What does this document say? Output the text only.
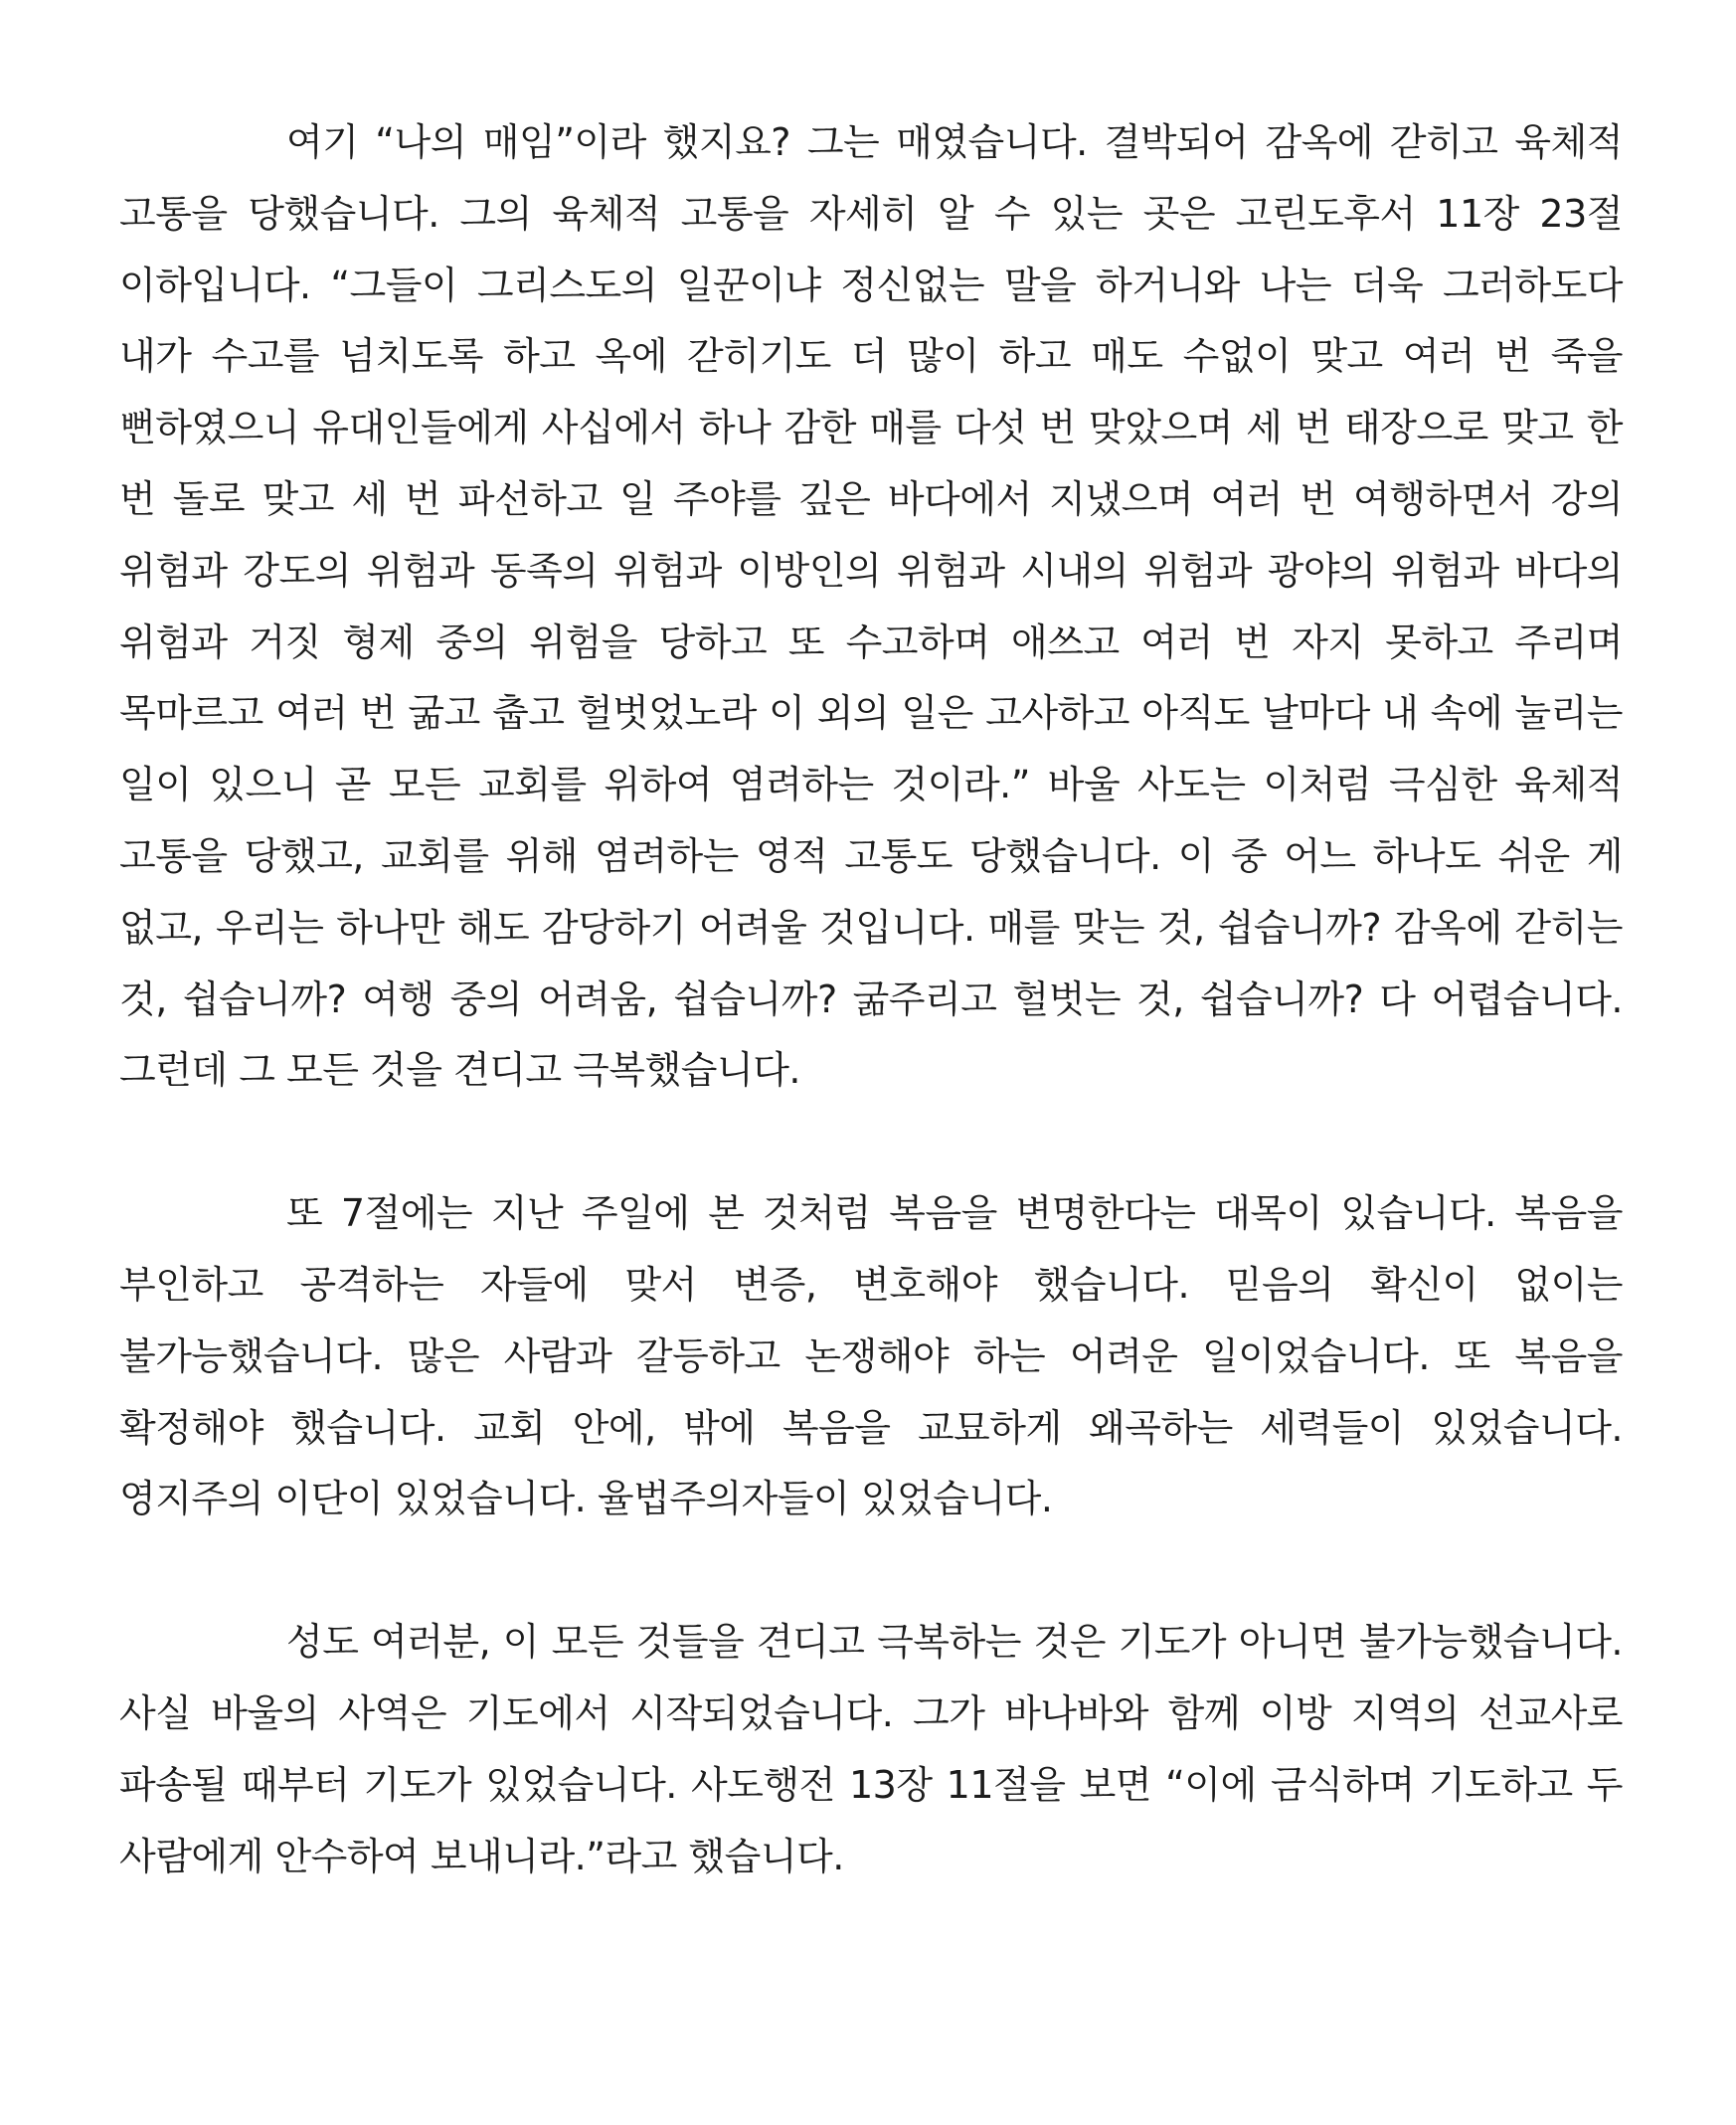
여기 “나의 매임”이라 했지요? 그는 매였습니다. 결박되어 감옥에 갇히고 육체적 고통을 당했습니다. 그의 육체적 고통을 자세히 알 수 있는 곳은 고린도후서 11장 23절 이하입니다. “그들이 그리스도의 일꾼이냐 정신없는 말을 하거니와 나는 더욱 그러하도다 내가 수고를 넘치도록 하고 옥에 갇히기도 더 많이 하고 매도 수없이 맞고 여러 번 죽을 뻔하였으니 유대인들에게 사십에서 하나 감한 매를 다섯 번 맞았으며 세 번 태장으로 맞고 한 번 돌로 맞고 세 번 파선하고 일 주야를 깊은 바다에서 지냈으며 여러 번 여행하면서 강의 위험과 강도의 위험과 동족의 위험과 이방인의 위험과 시내의 위험과 광야의 위험과 바다의 위험과 거짓 형제 중의 위험을 당하고 또 수고하며 애쓰고 여러 번 자지 못하고 주리며 목마르고 여러 번 굶고 춥고 헐벗었노라 이 외의 일은 고사하고 아직도 날마다 내 속에 눌리는 일이 있으니 곧 모든 교회를 위하여 염려하는 것이라.” 바울 사도는 이처럼 극심한 육체적 고통을 당했고, 교회를 위해 염려하는 영적 고통도 당했습니다. 이 중 어느 하나도 쉬운 게 없고, 우리는 하나만 해도 감당하기 어려울 것입니다. 매를 맞는 것, 쉽습니까? 감옥에 갇히는 것, 쉽습니까? 여행 중의 어려움, 쉽습니까? 굶주리고 헐벗는 것, 쉽습니까? 다 어렵습니다. 그런데 그 모든 것을 견디고 극복했습니다.

또 7절에는 지난 주일에 본 것처럼 복음을 변명한다는 대목이 있습니다. 복음을 부인하고 공격하는 자들에 맞서 변증, 변호해야 했습니다. 믿음의 확신이 없이는 불가능했습니다. 많은 사람과 갈등하고 논쟁해야 하는 어려운 일이었습니다. 또 복음을 확정해야 했습니다. 교회 안에, 밖에 복음을 교묘하게 왜곡하는 세력들이 있었습니다. 영지주의 이단이 있었습니다. 율법주의자들이 있었습니다.

성도 여러분, 이 모든 것들을 견디고 극복하는 것은 기도가 아니면 불가능했습니다. 사실 바울의 사역은 기도에서 시작되었습니다. 그가 바나바와 함께 이방 지역의 선교사로 파송될 때부터 기도가 있었습니다. 사도행전 13장 11절을 보면 “이에 금식하며 기도하고 두 사람에게 안수하여 보내니라.”라고 했습니다.
